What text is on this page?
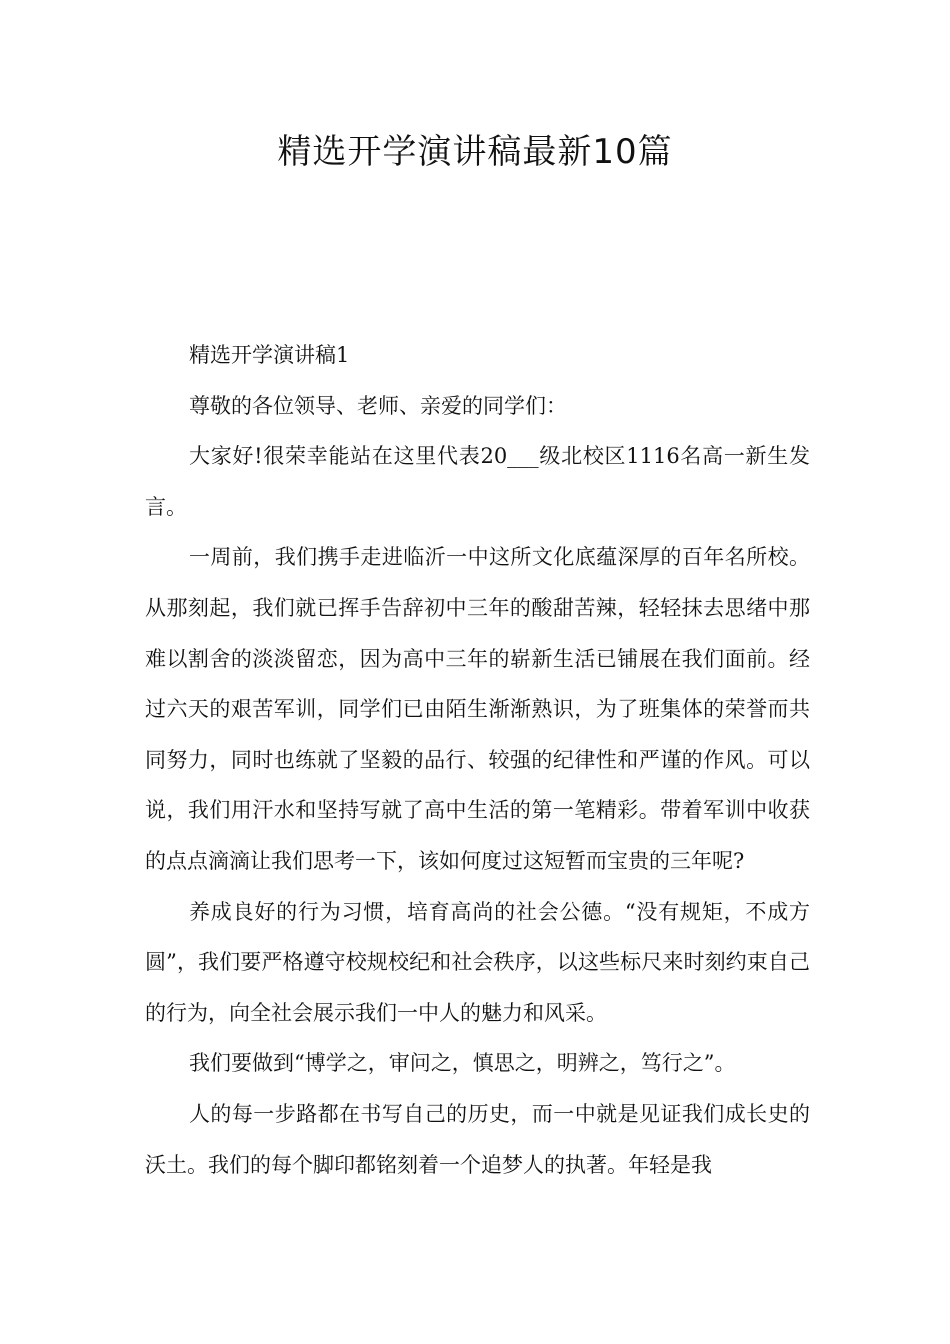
精选开学演讲稿最新10篇

精选开学演讲稿1

尊敬的各位领导、老师、亲爱的同学们：

大家好!很荣幸能站在这里代表20___级北校区1116名高一新生发言。

一周前，我们携手走进临沂一中这所文化底蕴深厚的百年名所校。从那刻起，我们就已挥手告辞初中三年的酸甜苦辣，轻轻抹去思绪中那难以割舍的淡淡留恋，因为高中三年的崭新生活已铺展在我们面前。经过六天的艰苦军训，同学们已由陌生渐渐熟识，为了班集体的荣誉而共同努力，同时也练就了坚毅的品行、较强的纪律性和严谨的作风。可以说，我们用汗水和坚持写就了高中生活的第一笔精彩。带着军训中收获的点点滴滴让我们思考一下，该如何度过这短暂而宝贵的三年呢?

养成良好的行为习惯，培育高尚的社会公德。“没有规矩，不成方圆”，我们要严格遵守校规校纪和社会秩序，以这些标尺来时刻约束自己的行为，向全社会展示我们一中人的魅力和风采。

我们要做到“博学之，审问之，慎思之，明辨之，笃行之”。

人的每一步路都在书写自己的历史，而一中就是见证我们成长史的沃土。我们的每个脚印都铭刻着一个追梦人的执著。年轻是我
